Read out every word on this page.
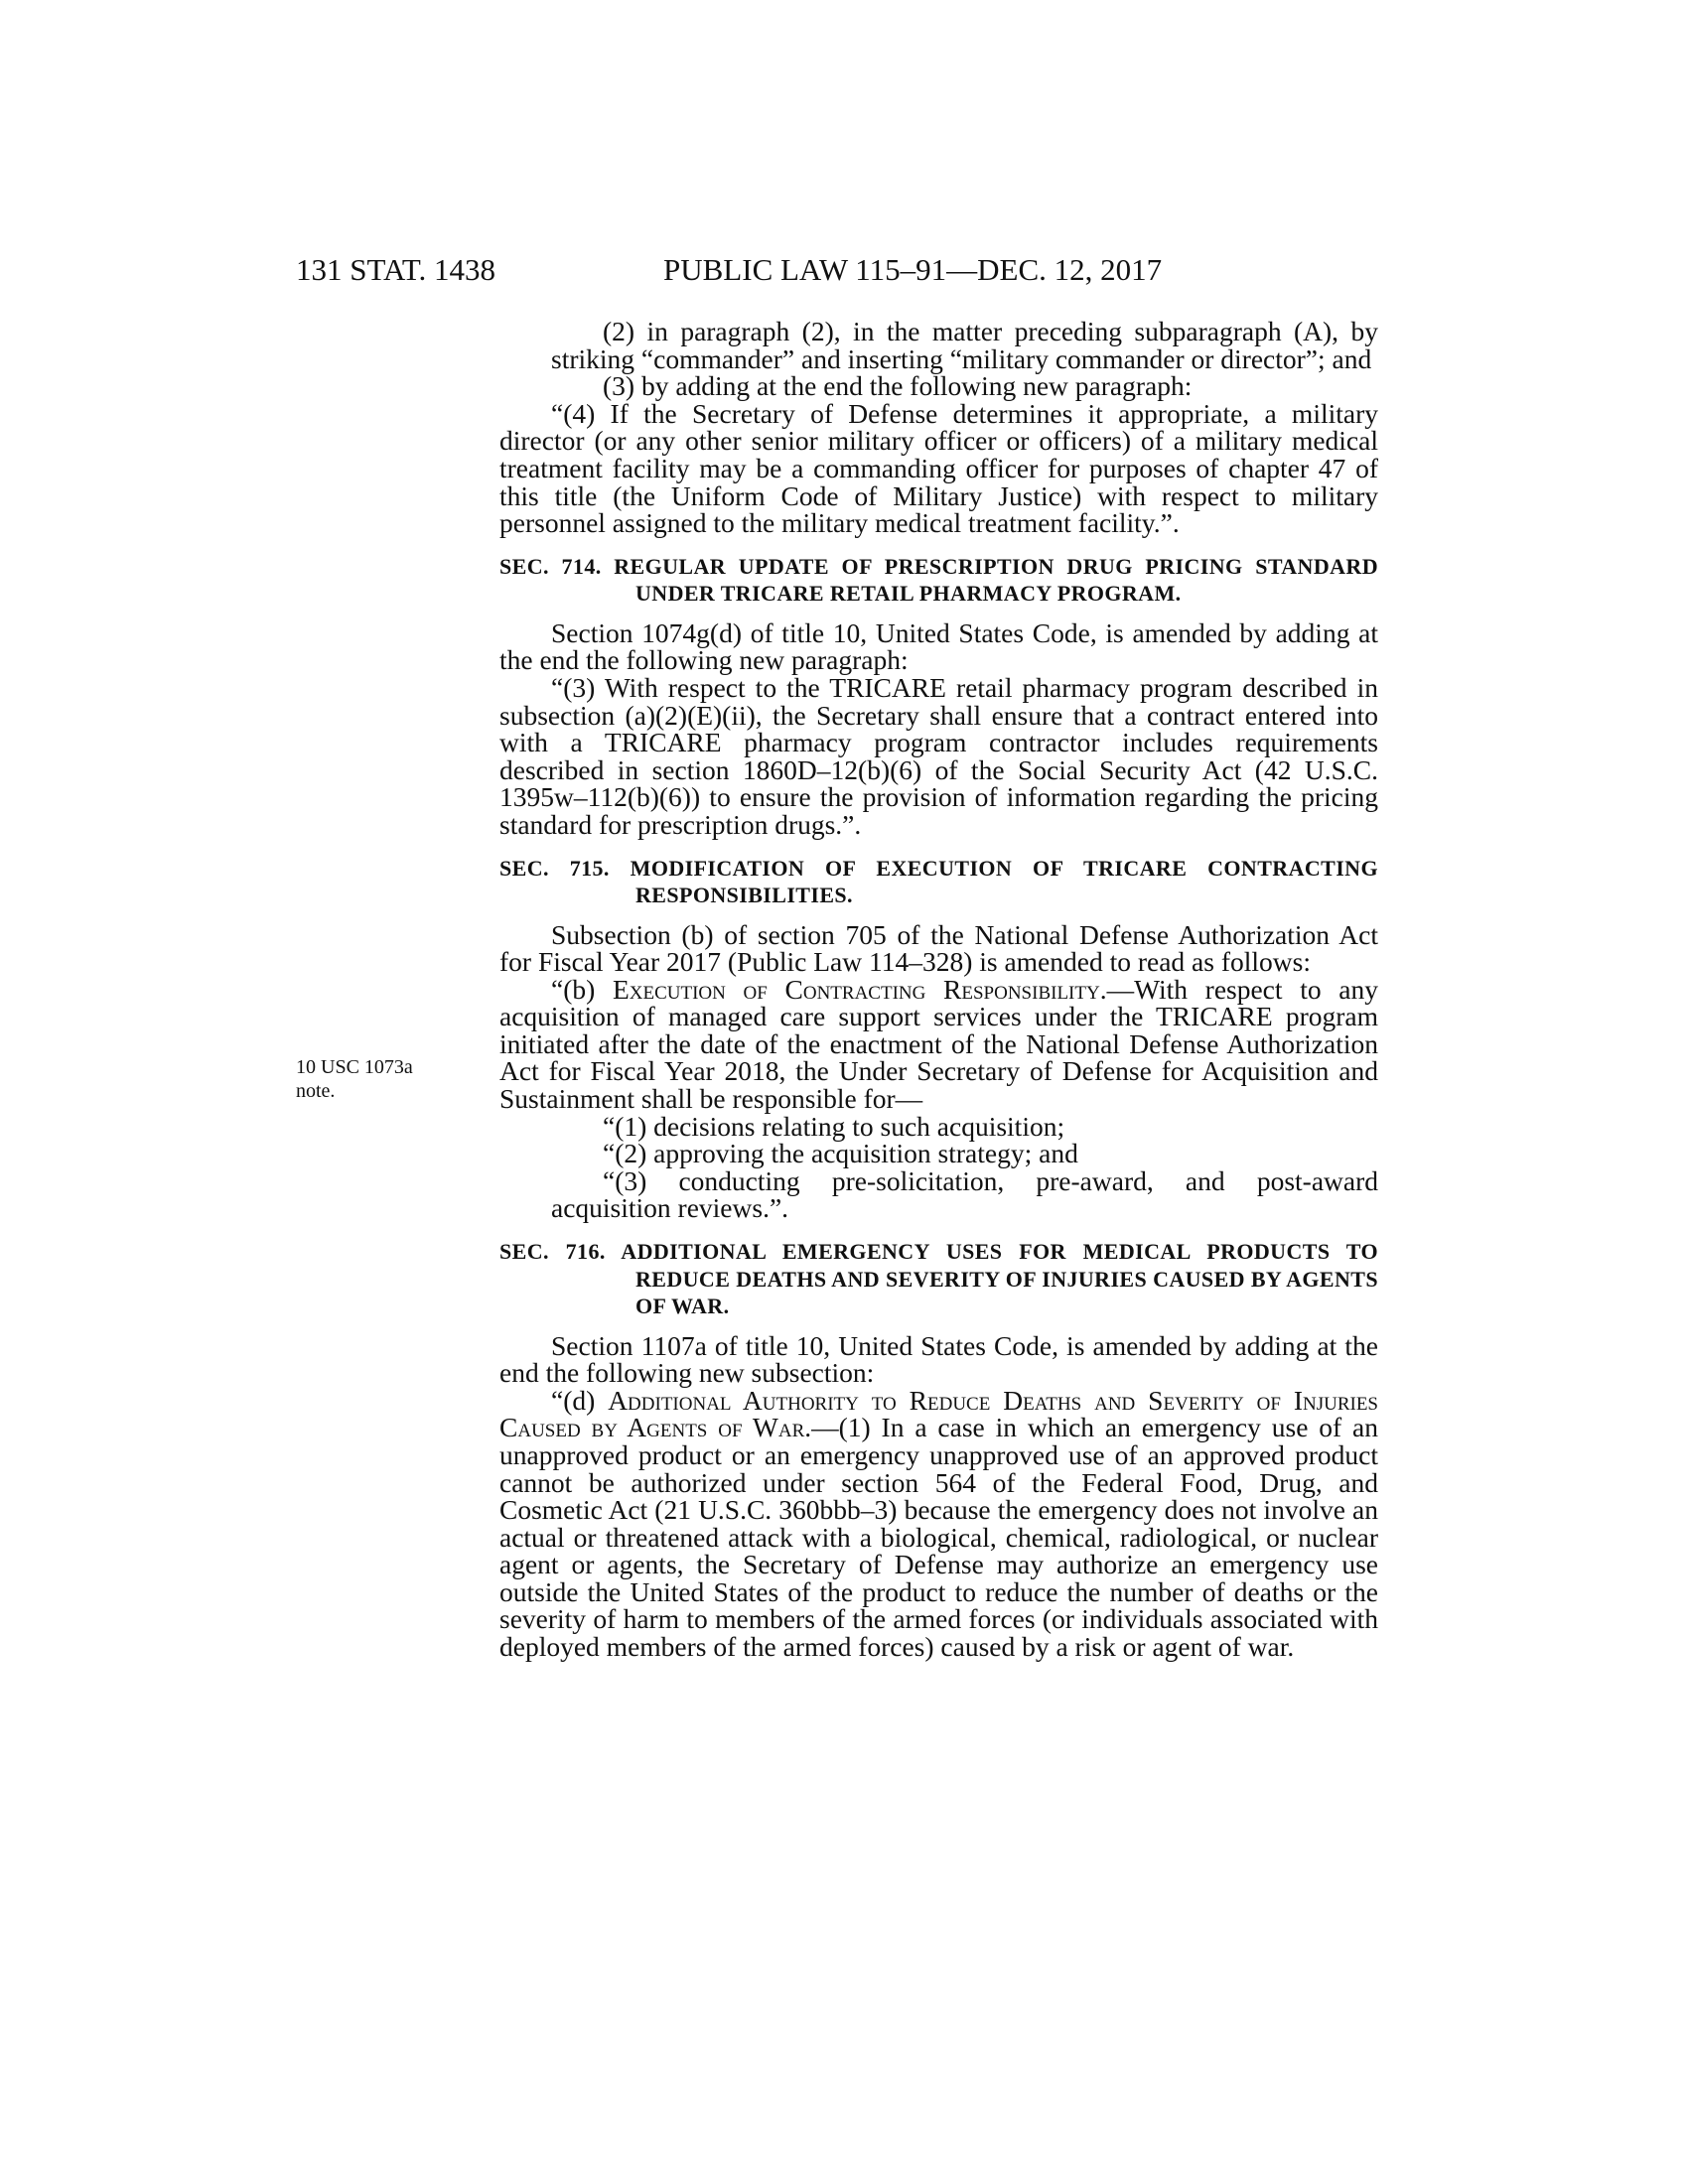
131 STAT. 1438	PUBLIC LAW 115–91—DEC. 12, 2017
10 USC 1073a
note.

(2) in paragraph (2), in the matter preceding subparagraph (A), by striking “commander” and inserting “military commander or director”; and

(3) by adding at the end the following new paragraph:

“(4) If the Secretary of Defense determines it appropriate, a military director (or any other senior military officer or officers) of a military medical treatment facility may be a commanding officer for purposes of chapter 47 of this title (the Uniform Code of Military Justice) with respect to military personnel assigned to the military medical treatment facility.”.

SEC. 714. REGULAR UPDATE OF PRESCRIPTION DRUG PRICING STANDARD UNDER TRICARE RETAIL PHARMACY PROGRAM.

Section 1074g(d) of title 10, United States Code, is amended by adding at the end the following new paragraph:

“(3) With respect to the TRICARE retail pharmacy program described in subsection (a)(2)(E)(ii), the Secretary shall ensure that a contract entered into with a TRICARE pharmacy program contractor includes requirements described in section 1860D–12(b)(6) of the Social Security Act (42 U.S.C. 1395w–112(b)(6)) to ensure the provision of information regarding the pricing standard for prescription drugs.”.

SEC. 715. MODIFICATION OF EXECUTION OF TRICARE CONTRACTING RESPONSIBILITIES.

Subsection (b) of section 705 of the National Defense Authorization Act for Fiscal Year 2017 (Public Law 114–328) is amended to read as follows:

“(b) Execution of Contracting Responsibility.—With respect to any acquisition of managed care support services under the TRICARE program initiated after the date of the enactment of the National Defense Authorization Act for Fiscal Year 2018, the Under Secretary of Defense for Acquisition and Sustainment shall be responsible for—

“(1) decisions relating to such acquisition;

“(2) approving the acquisition strategy; and

“(3) conducting pre-solicitation, pre-award, and post-award acquisition reviews.”.

SEC. 716. ADDITIONAL EMERGENCY USES FOR MEDICAL PRODUCTS TO REDUCE DEATHS AND SEVERITY OF INJURIES CAUSED BY AGENTS OF WAR.

Section 1107a of title 10, United States Code, is amended by adding at the end the following new subsection:

“(d) Additional Authority to Reduce Deaths and Severity of Injuries Caused by Agents of War.—(1) In a case in which an emergency use of an unapproved product or an emergency unapproved use of an approved product cannot be authorized under section 564 of the Federal Food, Drug, and Cosmetic Act (21 U.S.C. 360bbb–3) because the emergency does not involve an actual or threatened attack with a biological, chemical, radiological, or nuclear agent or agents, the Secretary of Defense may authorize an emergency use outside the United States of the product to reduce the number of deaths or the severity of harm to members of the armed forces (or individuals associated with deployed members of the armed forces) caused by a risk or agent of war.
